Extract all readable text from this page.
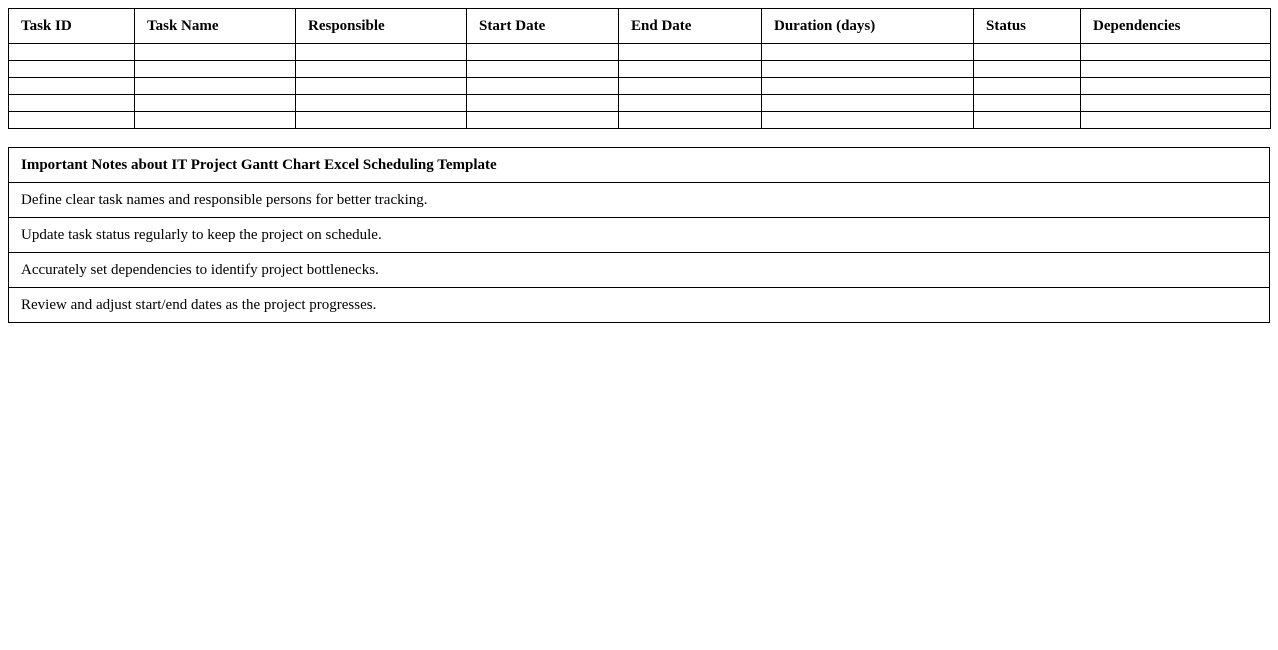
Task ID	Task Name	Responsible	Start Date	End Date	Duration (days)	Status	Dependencies

Important Notes about IT Project Gantt Chart Excel Scheduling Template
Define clear task names and responsible persons for better tracking.
Update task status regularly to keep the project on schedule.
Accurately set dependencies to identify project bottlenecks.
Review and adjust start/end dates as the project progresses.
